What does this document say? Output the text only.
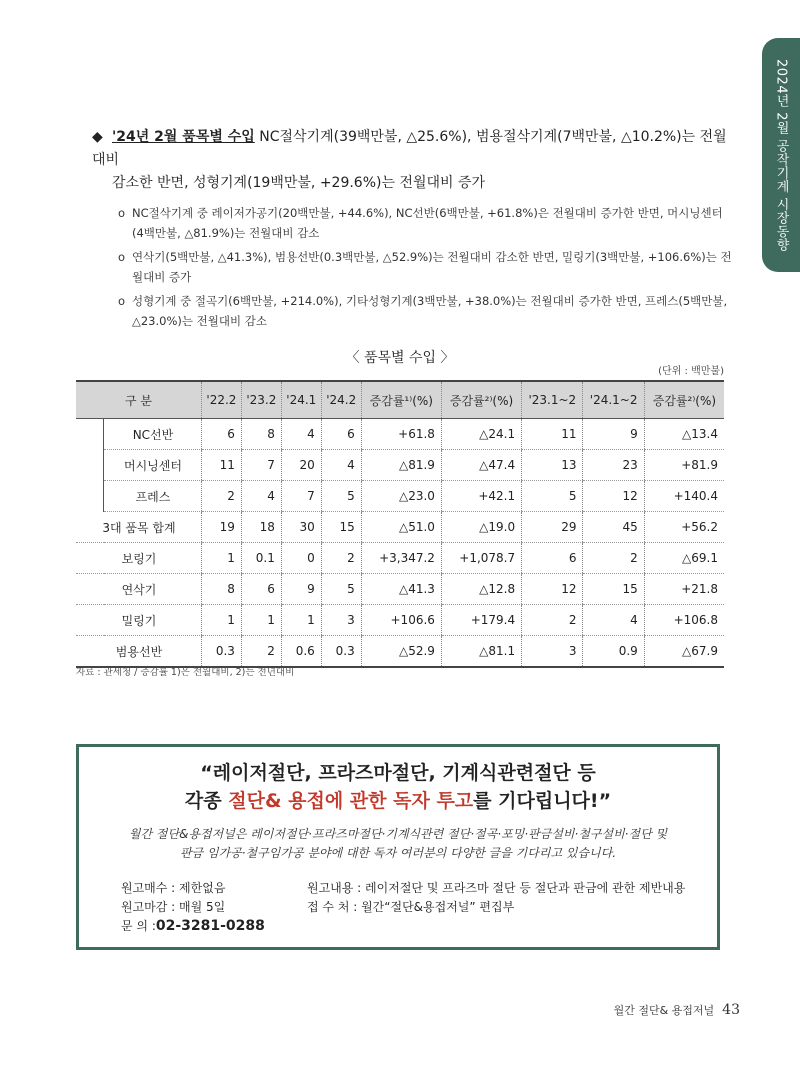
2024년 2월 공작기계 시장동향
◆ '24년 2월 품목별 수입 NC절삭기계(39백만불, △25.6%), 범용절삭기계(7백만불, △10.2%)는 전월대비
감소한 반면, 성형기계(19백만불, +29.6%)는 전월대비 증가
o NC절삭기계 중 레이저가공기(20백만불, +44.6%), NC선반(6백만불, +61.8%)은 전월대비 증가한 반면, 머시닝센터(4백만불, △81.9%)는 전월대비 감소
o 연삭기(5백만불, △41.3%), 범용선반(0.3백만불, △52.9%)는 전월대비 감소한 반면, 밀링기(3백만불, +106.6%)는 전월대비 증가
o 성형기계 중 절곡기(6백만불, +214.0%), 기타성형기계(3백만불, +38.0%)는 전월대비 증가한 반면, 프레스(5백만불, △23.0%)는 전월대비 감소
〈 품목별 수입 〉
(단위 : 백만불)
구 분		'22.2	'23.2	'24.1	'24.2	증감률¹⁾(%)	증감률²⁾(%)	'23.1~2	'24.1~2	증감률²⁾(%)
	NC선반	6	8	4	6	+61.8	△24.1	11	9	△13.4
	머시닝센터	11	7	20	4	△81.9	△47.4	13	23	+81.9
	프레스	2	4	7	5	△23.0	+42.1	5	12	+140.4
3대 품목 합계		19	18	30	15	△51.0	△19.0	29	45	+56.2
보링기		1	0.1	0	2	+3,347.2	+1,078.7	6	2	△69.1
연삭기		8	6	9	5	△41.3	△12.8	12	15	+21.8
밀링기		1	1	1	3	+106.6	+179.4	2	4	+106.8
범용선반		0.3	2	0.6	0.3	△52.9	△81.1	3	0.9	△67.9
자료 : 관세청 / 증감률 1)은 전월대비, 2)는 전년대비
“레이저절단, 프라즈마절단, 기계식관련절단 등
각종 절단& 용접에 관한 독자 투고를 기다립니다!”
월간 절단&용접저널은 레이저절단·프라즈마절단·기계식관련 절단·절곡·포밍·판금설비·철구설비·절단 및
판금 임가공·철구임가공 분야에 대한 독자 여러분의 다양한 글을 기다리고 있습니다.
원고매수 : 제한없음	원고내용 : 레이저절단 및 프라즈마 절단 등 절단과 판금에 관한 제반내용
원고마감 : 매월 5일	접 수 처 : 월간“절단&용접저널” 편집부
문 의 : 02-3281-0288
월간 절단& 용접저널 43
